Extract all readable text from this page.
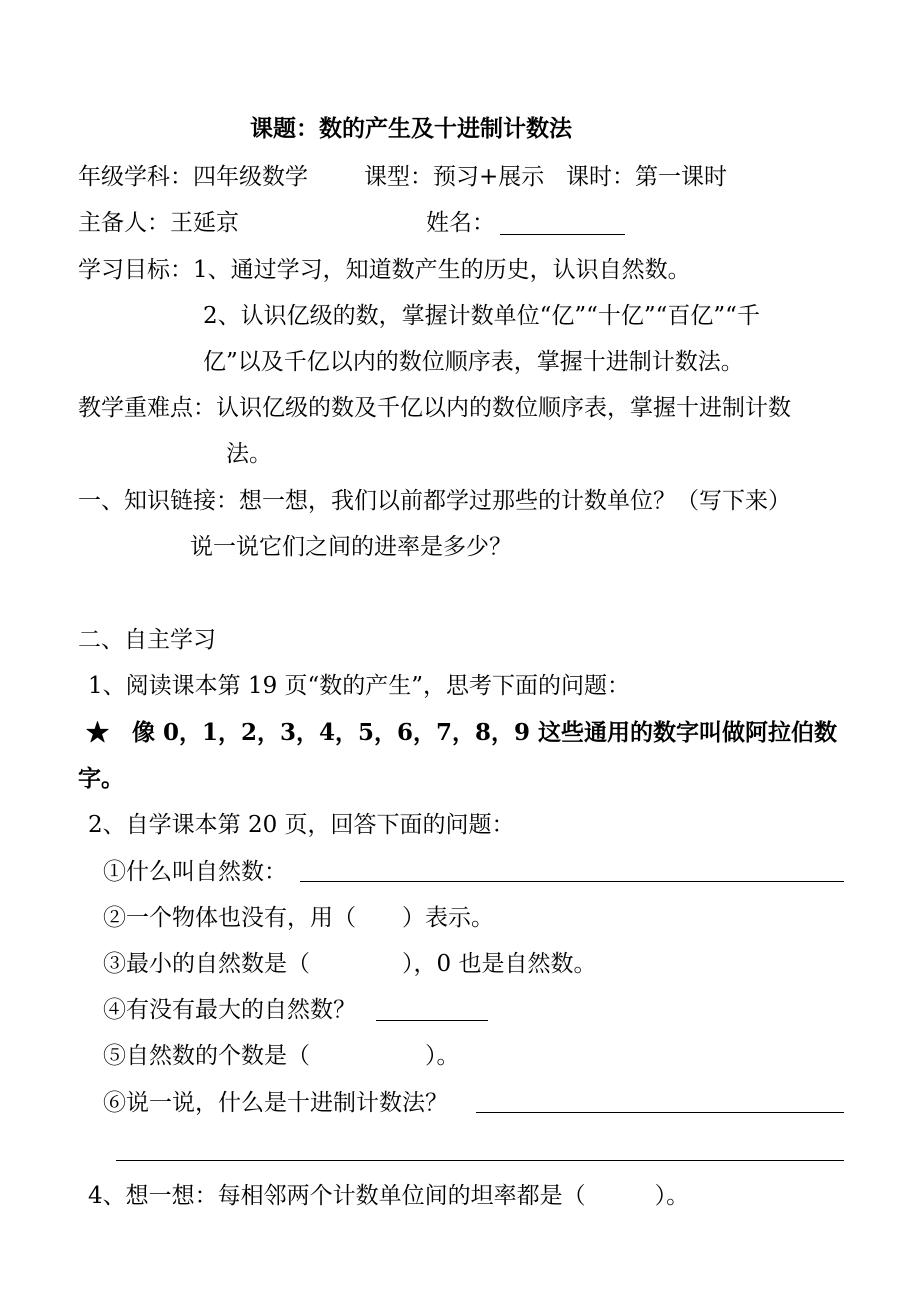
课题：数的产生及十进制计数法
年级学科：四年级数学 课型：预习+展示 课时：第一课时
主备人：王延京	姓名：
学习目标： 1、通过学习，知道数产生的历史，认识自然数。
2、认识亿级的数，掌握计数单位“亿”“十亿”“百亿”“千
亿”以及千亿以内的数位顺序表，掌握十进制计数法。
教学重难点：认识亿级的数及千亿以内的数位顺序表，掌握十进制计数
法。
一、知识链接：想一想，我们以前都学过那些的计数单位？（写下来）
说一说它们之间的进率是多少？
二、自主学习
1、阅读课本第 19 页“数的产生”，思考下面的问题：
★　像 0，1，2，3，4，5，6，7，8，9 这些通用的数字叫做阿拉伯数
字。
2、自学课本第 20 页，回答下面的问题：
①什么叫自然数：
②一个物体也没有，用（　　）表示。
③最小的自然数是（　　　　），0 也是自然数。
④有没有最大的自然数？
⑤自然数的个数是（　　　　　）。
⑥说一说，什么是十进制计数法？
4、想一想：每相邻两个计数单位间的坦率都是（　　　）。
